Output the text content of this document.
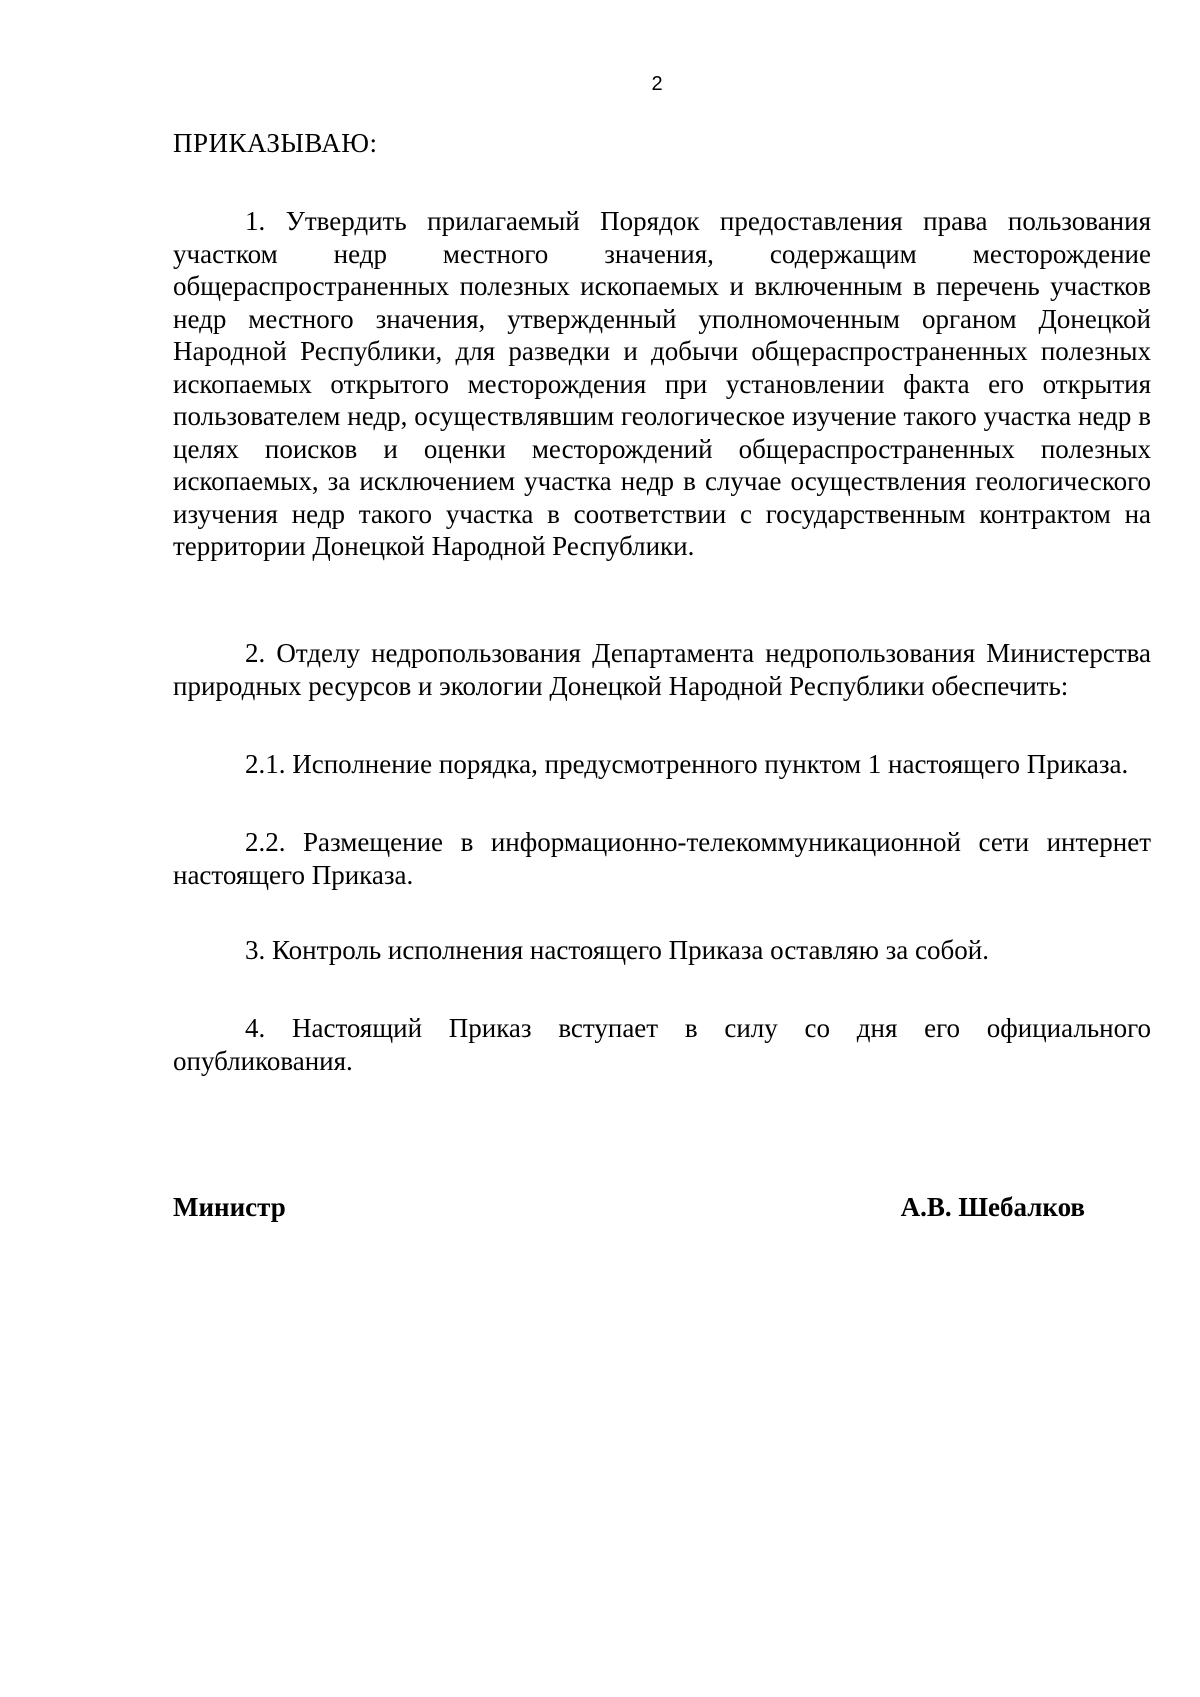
2
ПРИКАЗЫВАЮ:

1. Утвердить прилагаемый Порядок предоставления права пользования участком недр местного значения, содержащим месторождение общераспространенных полезных ископаемых и включенным в перечень участков недр местного значения, утвержденный уполномоченным органом Донецкой Народной Республики, для разведки и добычи общераспространенных полезных ископаемых открытого месторождения при установлении факта его открытия пользователем недр, осуществлявшим геологическое изучение такого участка недр в целях поисков и оценки месторождений общераспространенных полезных ископаемых, за исключением участка недр в случае осуществления геологического изучения недр такого участка в соответствии с государственным контрактом на территории Донецкой Народной Республики.

2. Отделу недропользования Департамента недропользования Министерства природных ресурсов и экологии Донецкой Народной Республики обеспечить:

2.1. Исполнение порядка, предусмотренного пунктом 1 настоящего Приказа.

2.2. Размещение в информационно-телекоммуникационной сети интернет настоящего Приказа.

3. Контроль исполнения настоящего Приказа оставляю за собой.

4. Настоящий Приказ вступает в силу со дня его официального опубликования.

Министр	А.В. Шебалков
